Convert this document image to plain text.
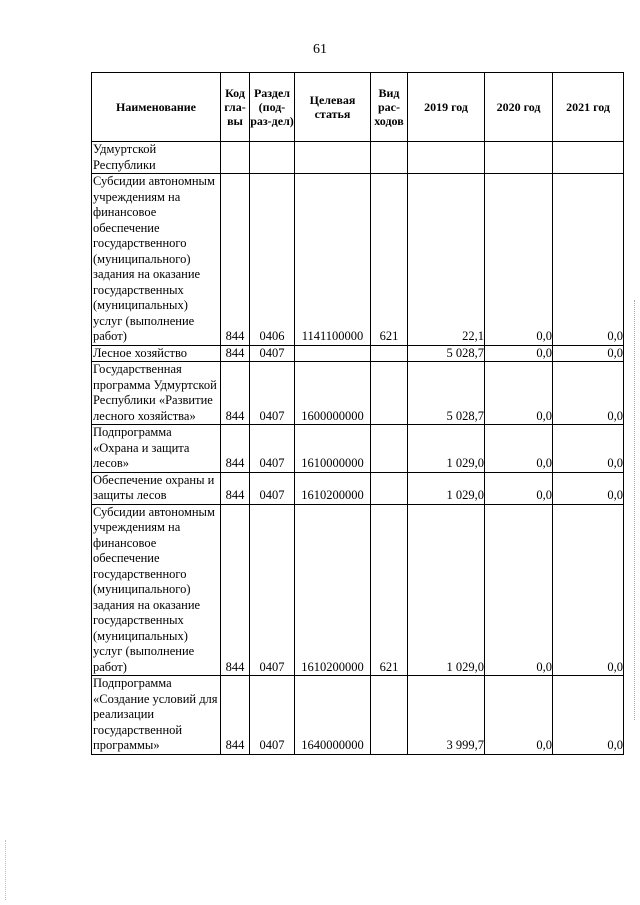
61
Наименование	Код гла-вы	Раздел (под-раз-дел)	Целевая статья	Вид рас-ходов	2019 год	2020 год	2021 год
Удмуртской Республики							
Субсидии автономным учреждениям на финансовое обеспечение государственного (муниципального) задания на оказание государственных (муниципальных) услуг (выполнение работ)	844	0406	1141100000	621	22,1	0,0	0,0
Лесное хозяйство	844	0407			5 028,7	0,0	0,0
Государственная программа Удмуртской Республики «Развитие лесного хозяйства»	844	0407	1600000000		5 028,7	0,0	0,0
Подпрограмма «Охрана и защита лесов»	844	0407	1610000000		1 029,0	0,0	0,0
Обеспечение охраны и защиты лесов	844	0407	1610200000		1 029,0	0,0	0,0
Субсидии автономным учреждениям на финансовое обеспечение государственного (муниципального) задания на оказание государственных (муниципальных) услуг (выполнение работ)	844	0407	1610200000	621	1 029,0	0,0	0,0
Подпрограмма «Создание условий для реализации государственной программы»	844	0407	1640000000		3 999,7	0,0	0,0
